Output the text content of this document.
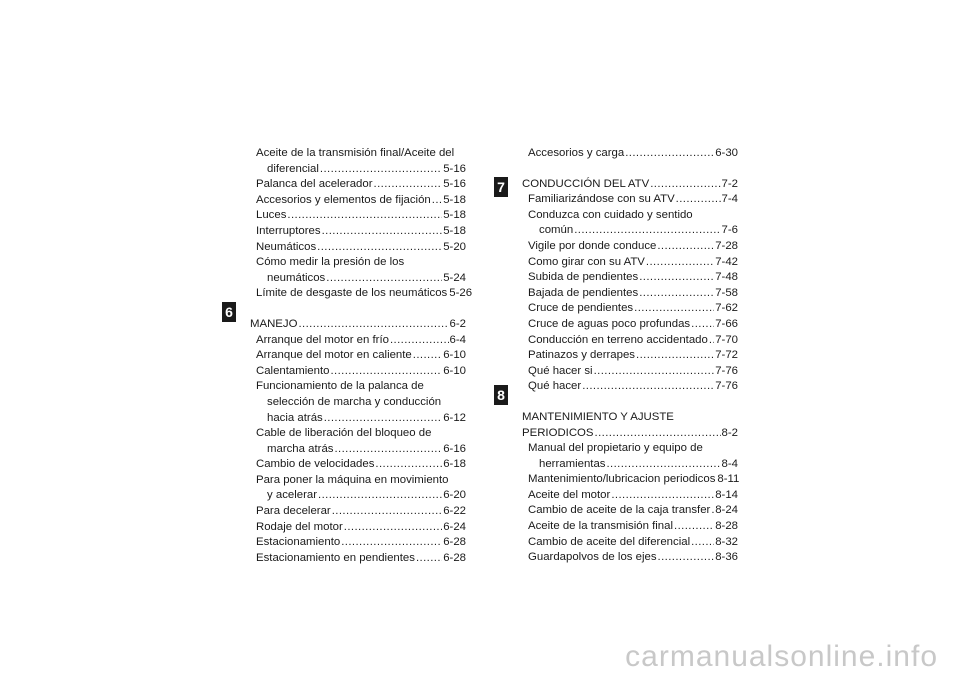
6
7
8
Aceite de la transmisión final/Aceite del
diferencial .....	5-16
Palanca del acelerador .....	5-16
Accesorios y elementos de fijación ..... 5-18
Luces .....	5-18
Interruptores .....	5-18
Neumáticos .....	5-20
Cómo medir la presión de los
neumáticos .....	5-24
Límite de desgaste de los neumáticos 5-26
MANEJO .....	6-2
Arranque del motor en frío .....	6-4
Arranque del motor en caliente .....	6-10
Calentamiento .....	6-10
Funcionamiento de la palanca de
selección de marcha y conducción
hacia atrás .....	6-12
Cable de liberación del bloqueo de
marcha atrás .....	6-16
Cambio de velocidades .....	6-18
Para poner la máquina en movimiento
y acelerar .....	6-20
Para decelerar .....	6-22
Rodaje del motor .....	6-24
Estacionamiento .....	6-28
Estacionamiento en pendientes ..... 6-28
Accesorios y carga .....	6-30
CONDUCCIÓN DEL ATV .....	7-2
Familiarizándose con su ATV .....	7-4
Conduzca con cuidado y sentido
común .....	7-6
Vigile por donde conduce .....	7-28
Como girar con su ATV .....	7-42
Subida de pendientes .....	7-48
Bajada de pendientes .....	7-58
Cruce de pendientes .....	7-62
Cruce de aguas poco profundas ..... 7-66
Conducción en terreno accidentado ..... 7-70
Patinazos y derrapes .....	7-72
Qué hacer si .....	7-76
Qué hacer .....	7-76
MANTENIMIENTO Y AJUSTE
PERIODICOS .....	8-2
Manual del propietario y equipo de
herramientas .....	8-4
Mantenimiento/lubricacion periodicos 8-11
Aceite del motor .....	8-14
Cambio de aceite de la caja transfer ..... 8-24
Aceite de la transmisión final .....	8-28
Cambio de aceite del diferencial ..... 8-32
Guardapolvos de los ejes .....	8-36
carmanualsonline.info
